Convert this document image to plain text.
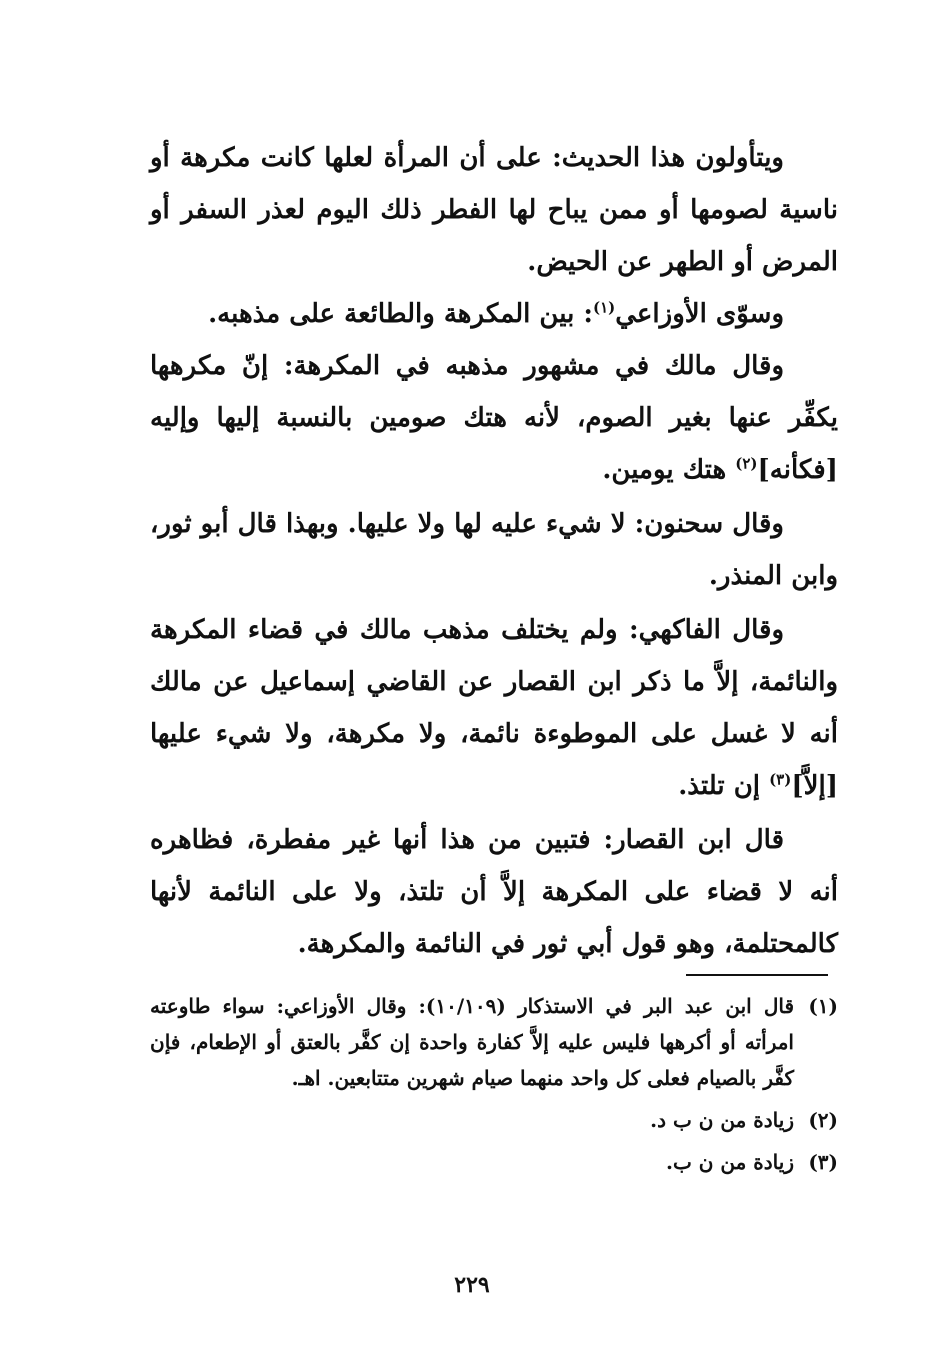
ويتأولون هذا الحديث: على أن المرأة لعلها كانت مكرهة أو ناسية لصومها أو ممن يباح لها الفطر ذلك اليوم لعذر السفر أو المرض أو الطهر عن الحيض.

وسوّى الأوزاعي$^{(١)}$: بين المكرهة والطائعة على مذهبه.

وقال مالك في مشهور مذهبه في المكرهة: إنّ مكرهها يكفِّر عنها بغير الصوم، لأنه هتك صومين بالنسبة إليها وإليه [فكأنه]$^{(٢)}$ هتك يومين.

وقال سحنون: لا شيء عليه لها ولا عليها. وبهذا قال أبو ثور، وابن المنذر.

وقال الفاكهي: ولم يختلف مذهب مالك في قضاء المكرهة والنائمة، إلاَّ ما ذكر ابن القصار عن القاضي إسماعيل عن مالك أنه لا غسل على الموطوءة نائمة، ولا مكرهة، ولا شيء عليها [إلاَّ]$^{(٣)}$ إن تلتذ.

قال ابن القصار: فتبين من هذا أنها غير مفطرة، فظاهره أنه لا قضاء على المكرهة إلاَّ أن تلتذ، ولا على النائمة لأنها كالمحتلمة، وهو قول أبي ثور في النائمة والمكرهة.

(١)
قال ابن عبد البر في الاستذكار (١٠/١٠٩): وقال الأوزاعي: سواء طاوعته امرأته أو أكرهها فليس عليه إلاَّ كفارة واحدة إن كفَّر بالعتق أو الإطعام، فإن كفَّر بالصيام فعلى كل واحد منهما صيام شهرين متتابعين. اهـ.
(٢)
زيادة من ن ب د.
(٣)
زيادة من ن ب.
٢٢٩
